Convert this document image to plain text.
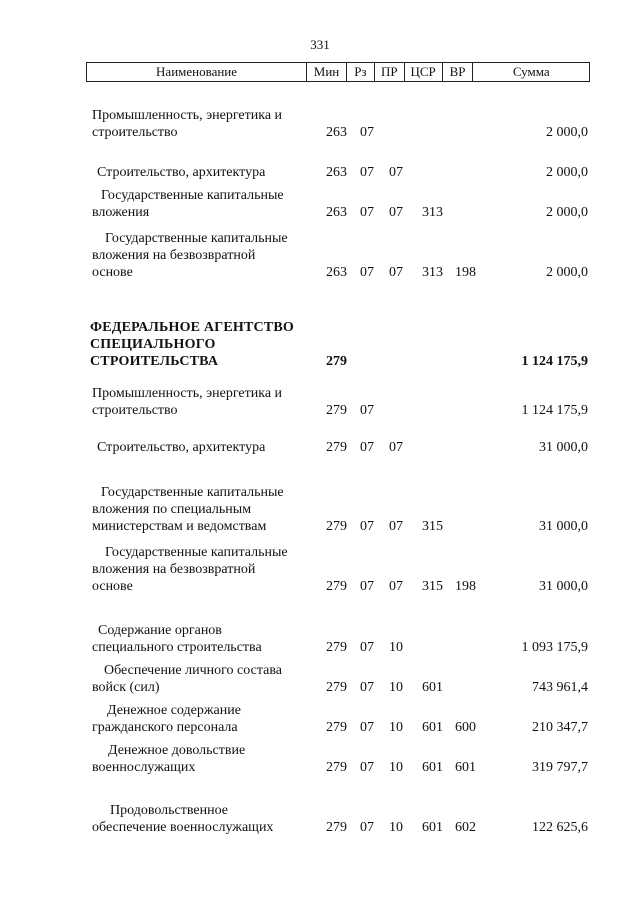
331
Наименование	Мин	Рз	ПР ЦСР	ВР	Сумма
Промышленность, энергетика и
строительство	263 07	2 000,0
Строительство, архитектура	263 07 07	2 000,0
Государственные капитальные
вложения	263 07 07 313	2 000,0
Государственные капитальные
вложения на безвозвратной
основе	263 07 07 313 198	2 000,0
ФЕДЕРАЛЬНОЕ АГЕНТСТВО
СПЕЦИАЛЬНОГО
СТРОИТЕЛЬСТВА	279	1 124 175,9
Промышленность, энергетика и
строительство	279 07	1 124 175,9
Строительство, архитектура	279 07 07	31 000,0
Государственные капитальные
вложения по специальным
министерствам и ведомствам	279 07 07 315	31 000,0
Государственные капитальные
вложения на безвозвратной
основе	279 07 07 315 198	31 000,0
Содержание органов
специального строительства	279 07 10	1 093 175,9
Обеспечение личного состава
войск (сил)	279 07 10 601	743 961,4
Денежное содержание
гражданского персонала	279 07 10 601 600	210 347,7
Денежное довольствие
военнослужащих	279 07 10 601 601	319 797,7
Продовольственное
обеспечение военнослужащих	279 07 10 601 602	122 625,6
